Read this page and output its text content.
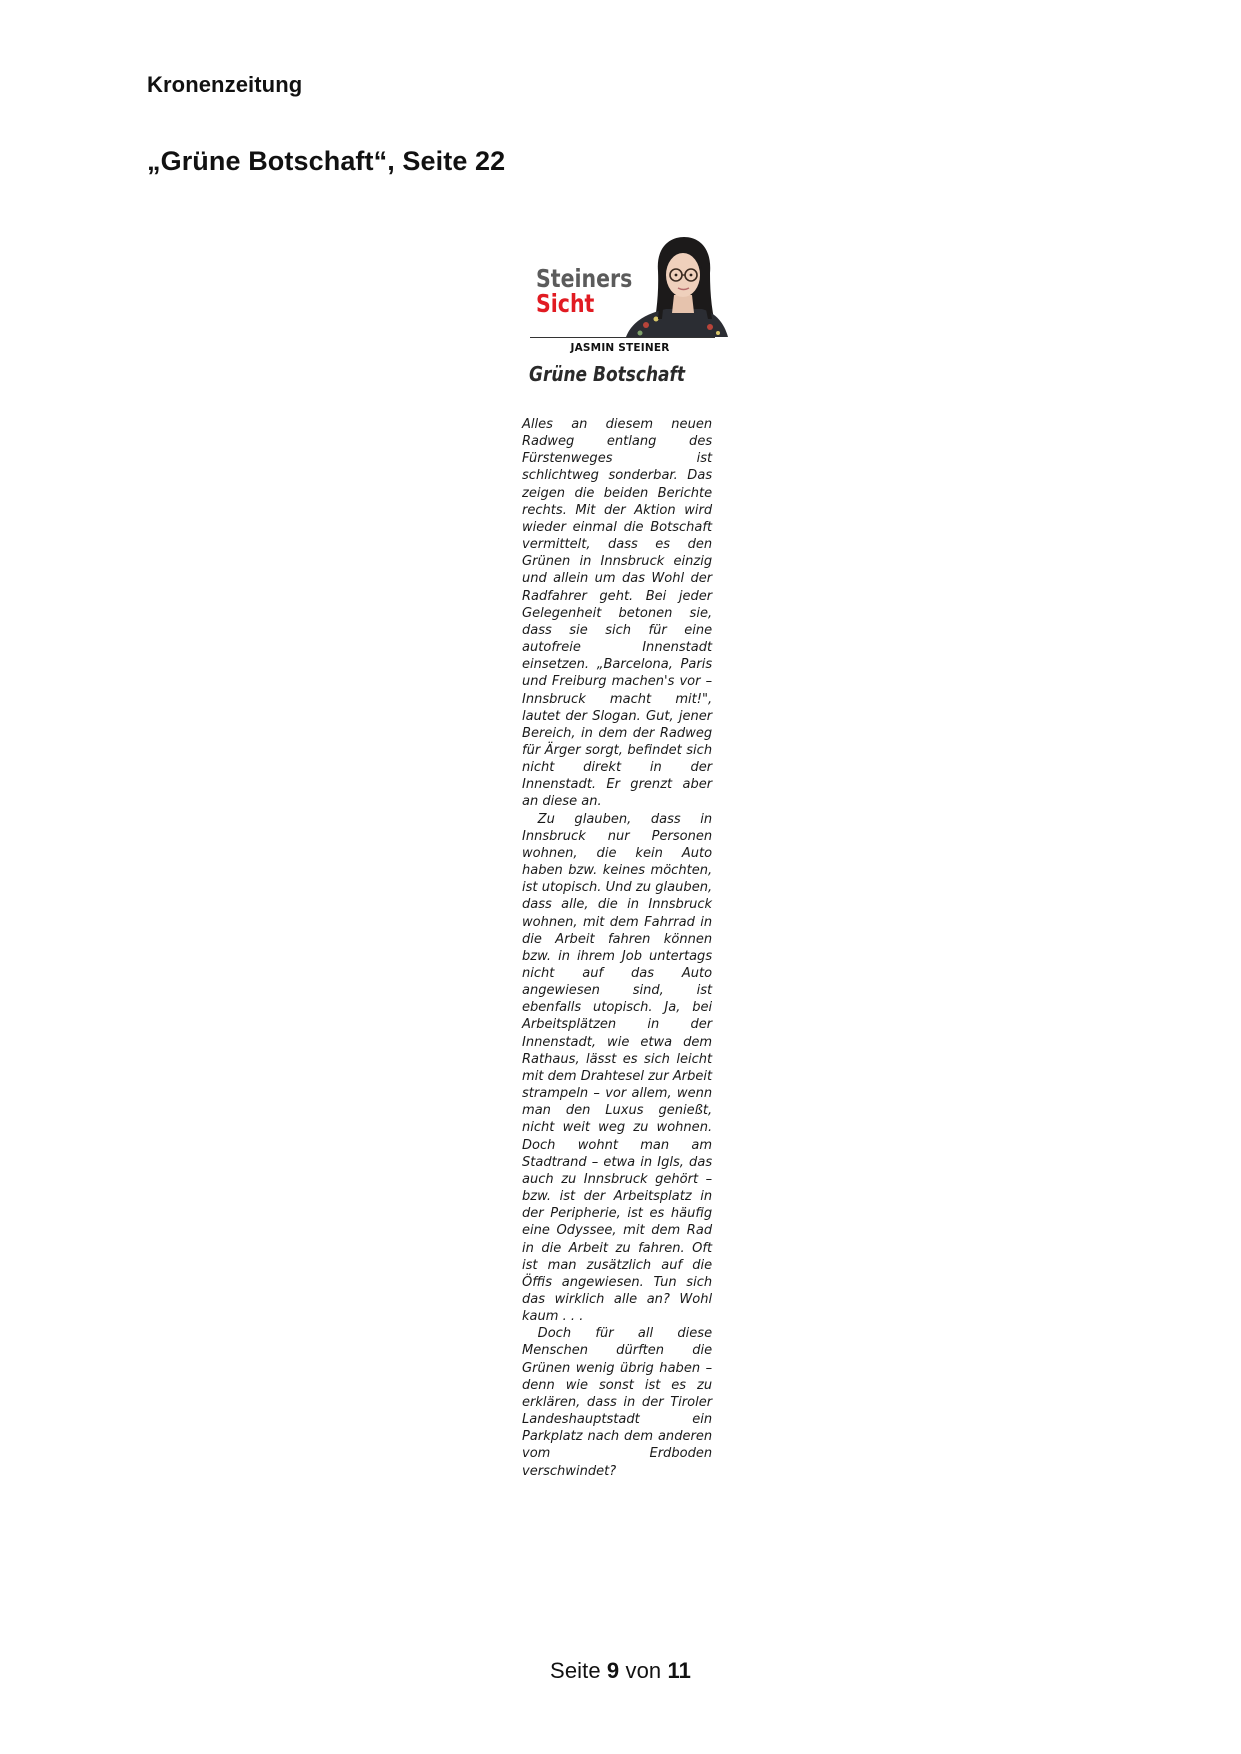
Kronenzeitung
„Grüne Botschaft“, Seite 22
Steiners
Sicht
JASMIN STEINER
Grüne Botschaft

Alles an diesem neuen Radweg entlang des Fürstenweges ist schlichtweg sonderbar. Das zeigen die beiden Berichte rechts. Mit der Aktion wird wieder einmal die Botschaft vermittelt, dass es den Grünen in Innsbruck einzig und allein um das Wohl der Radfahrer geht. Bei jeder Gelegenheit betonen sie, dass sie sich für eine autofreie Innenstadt einsetzen. „Barcelona, Paris und Freiburg machen's vor – Innsbruck macht mit!", lautet der Slogan. Gut, jener Bereich, in dem der Radweg für Ärger sorgt, befindet sich nicht direkt in der Innenstadt. Er grenzt aber an diese an.

Zu glauben, dass in Innsbruck nur Personen wohnen, die kein Auto haben bzw. keines möchten, ist utopisch. Und zu glauben, dass alle, die in Innsbruck wohnen, mit dem Fahrrad in die Arbeit fahren können bzw. in ihrem Job untertags nicht auf das Auto angewiesen sind, ist ebenfalls utopisch. Ja, bei Arbeitsplätzen in der Innenstadt, wie etwa dem Rathaus, lässt es sich leicht mit dem Drahtesel zur Arbeit strampeln – vor allem, wenn man den Luxus genießt, nicht weit weg zu wohnen. Doch wohnt man am Stadtrand – etwa in Igls, das auch zu Innsbruck gehört – bzw. ist der Arbeitsplatz in der Peripherie, ist es häufig eine Odyssee, mit dem Rad in die Arbeit zu fahren. Oft ist man zusätzlich auf die Öffis angewiesen. Tun sich das wirklich alle an? Wohl kaum . . .

Doch für all diese Menschen dürften die Grünen wenig übrig haben – denn wie sonst ist es zu erklären, dass in der Tiroler Landeshauptstadt ein Parkplatz nach dem anderen vom Erdboden verschwindet?

Seite 9 von 11
